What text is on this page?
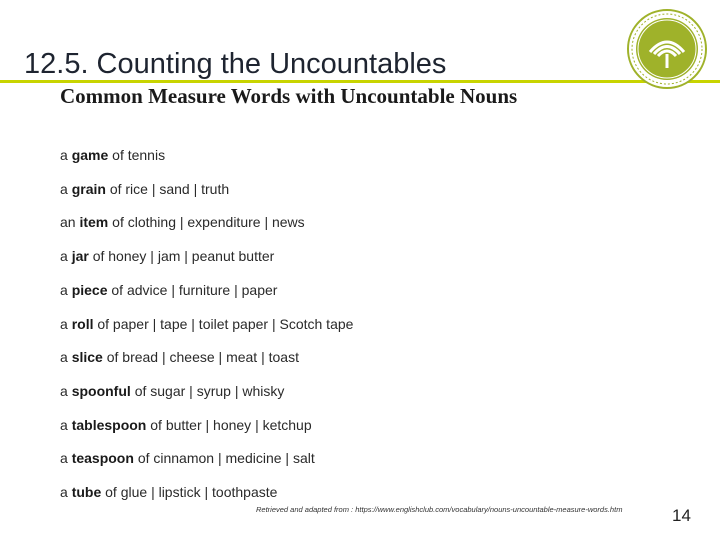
12.5. Counting the Uncountables
Common Measure Words with Uncountable Nouns
a game of tennis
a grain of rice | sand | truth
an item of clothing | expenditure | news
a jar of honey | jam | peanut butter
a piece of advice | furniture | paper
a roll of paper | tape | toilet paper | Scotch tape
a slice of bread | cheese | meat | toast
a spoonful of sugar | syrup | whisky
a tablespoon of butter | honey | ketchup
a teaspoon of cinnamon | medicine | salt
a tube of glue | lipstick | toothpaste
Retrieved and adapted from : https://www.englishclub.com/vocabulary/nouns-uncountable-measure-words.htm	14
